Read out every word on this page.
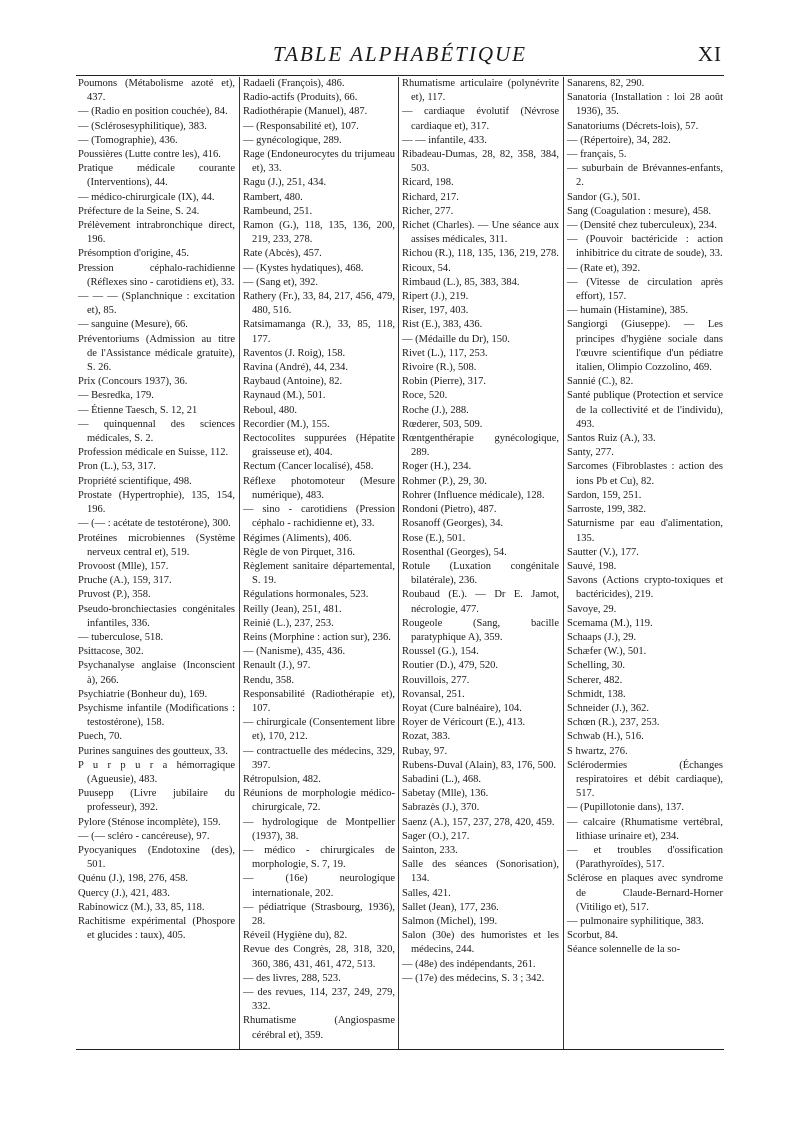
TABLE ALPHABÉTIQUE	XI

Poumons (Métabolisme azoté et), 437.

— (Radio en position couchée), 84.

— (Sclérosesyphilitique), 383.

— (Tomographie), 436.

Poussières (Lutte contre les), 416.

Pratique médicale courante (Interventions), 44.

— médico-chirurgicale (IX), 44.

Préfecture de la Seine, S. 24.

Prélèvement intrabronchique direct, 196.

Présomption d'origine, 45.

Pression céphalo-rachidienne (Réflexes sino - carotidiens et), 33.

— — — (Splanchnique : excitation et), 85.

— sanguine (Mesure), 66.

Préventoriums (Admission au titre de l'Assistance médicale gratuite), S. 26.

Prix (Concours 1937), 36.

— Besredka, 179.

— Étienne Taesch, S. 12, 21

— quinquennal des sciences médicales, S. 2.

Profession médicale en Suisse, 112.

Pron (L.), 53, 317.

Propriété scientifique, 498.

Prostate (Hypertrophie), 135, 154, 196.

— (— : acétate de testotérone), 300.

Protéines microbiennes (Système nerveux central et), 519.

Provoost (Mlle), 157.

Pruche (A.), 159, 317.

Pruvost (P.), 358.

Pseudo-bronchiectasies congénitales infantiles, 336.

— tuberculose, 518.

Psittacose, 302.

Psychanalyse anglaise (Inconscient à), 266.

Psychiatrie (Bonheur du), 169.

Psychisme infantile (Modifications : testostérone), 158.

Puech, 70.

Purines sanguines des goutteux, 33.

P u r p u r a hémorragique (Agueusie), 483.

Puusepp (Livre jubilaire du professeur), 392.

Pylore (Sténose incomplète), 159.

— (— scléro - cancéreuse), 97.

Pyocyaniques (Endotoxine (des), 501.

Quénu (J.), 198, 276, 458.

Quercy (J.), 421, 483.

Rabinowicz (M.), 33, 85, 118.

Rachitisme expérimental (Phospore et glucides : taux), 405.

Radaeli (François), 486.

Radio-actifs (Produits), 66.

Radiothérapie (Manuel), 487.

— (Responsabilité et), 107.

— gynécologique, 289.

Rage (Endoneurocytes du trijumeau et), 33.

Ragu (J.), 251, 434.

Rambert, 480.

Rambeund, 251.

Ramon (G.), 118, 135, 136, 200, 219, 233, 278.

Rate (Abcès), 457.

— (Kystes hydatiques), 468.

— (Sang et), 392.

Rathery (Fr.), 33, 84, 217, 456, 479, 480, 516.

Ratsimamanga (R.), 33, 85, 118, 177.

Raventos (J. Roig), 158.

Ravina (André), 44, 234.

Raybaud (Antoine), 82.

Raynaud (M.), 501.

Reboul, 480.

Recordier (M.), 155.

Rectocolites suppurées (Hépatite graisseuse et), 404.

Rectum (Cancer localisé), 458.

Réflexe photomoteur (Mesure numérique), 483.

— sino - carotidiens (Pression céphalo - rachidienne et), 33.

Régimes (Aliments), 406.

Règle de von Pirquet, 316.

Règlement sanitaire départemental, S. 19.

Régulations hormonales, 523.

Reilly (Jean), 251, 481.

Reinié (L.), 237, 253.

Reins (Morphine : action sur), 236.

— (Nanisme), 435, 436.

Renault (J.), 97.

Rendu, 358.

Responsabilité (Radiothérapie et), 107.

— chirurgicale (Consentement libre et), 170, 212.

— contractuelle des médecins, 329, 397.

Rétropulsion, 482.

Réunions de morphologie médico-chirurgicale, 72.

— hydrologique de Montpellier (1937), 38.

— médico - chirurgicales de morphologie, S. 7, 19.

— (16e) neurologique internationale, 202.

— pédiatrique (Strasbourg, 1936), 28.

Réveil (Hygiène du), 82.

Revue des Congrès, 28, 318, 320, 360, 386, 431, 461, 472, 513.

— des livres, 288, 523.

— des revues, 114, 237, 249, 279, 332.

Rhumatisme (Angiospasme cérébral et), 359.

Rhumatisme articulaire (polynévrite et), 117.

— cardiaque évolutif (Névrose cardiaque et), 317.

— — infantile, 433.

Ribadeau-Dumas, 28, 82, 358, 384, 503.

Ricard, 198.

Richard, 217.

Richer, 277.

Richet (Charles). — Une séance aux assises médicales, 311.

Richou (R.), 118, 135, 136, 219, 278.

Ricoux, 54.

Rimbaud (L.), 85, 383, 384.

Ripert (J.), 219.

Riser, 197, 403.

Rist (E.), 383, 436.

— (Médaille du Dr), 150.

Rivet (L.), 117, 253.

Rivoire (R.), 508.

Robin (Pierre), 317.

Roce, 520.

Roche (J.), 288.

Rœderer, 503, 509.

Rœntgenthérapie gynécologique, 289.

Roger (H.), 234.

Rohmer (P.), 29, 30.

Rohrer (Influence médicale), 128.

Rondoni (Pietro), 487.

Rosanoff (Georges), 34.

Rose (E.), 501.

Rosenthal (Georges), 54.

Rotule (Luxation congénitale bilatérale), 236.

Roubaud (E.). — Dr E. Jamot, nécrologie, 477.

Rougeole (Sang, bacille paratyphique A), 359.

Roussel (G.), 154.

Routier (D.), 479, 520.

Rouvillois, 277.

Rovansal, 251.

Royat (Cure balnéaire), 104.

Royer de Véricourt (E.), 413.

Rozat, 383.

Rubay, 97.

Rubens-Duval (Alain), 83, 176, 500.

Sabadini (L.), 468.

Sabetay (Mlle), 136.

Sabrazès (J.), 370.

Saenz (A.), 157, 237, 278, 420, 459.

Sager (O.), 217.

Sainton, 233.

Salle des séances (Sonorisation), 134.

Salles, 421.

Sallet (Jean), 177, 236.

Salmon (Michel), 199.

Salon (30e) des humoristes et les médecins, 244.

— (48e) des indépendants, 261.

— (17e) des médecins, S. 3 ; 342.

Sanarens, 82, 290.

Sanatoria (Installation : loi 28 août 1936), 35.

Sanatoriums (Décrets-lois), 57.

— (Répertoire), 34, 282.

— français, 5.

— suburbain de Brévannes-enfants, 2.

Sandor (G.), 501.

Sang (Coagulation : mesure), 458.

— (Densité chez tuberculeux), 234.

— (Pouvoir bactéricide : action inhibitrice du citrate de soude), 33.

— (Rate et), 392.

— (Vitesse de circulation après effort), 157.

— humain (Histamine), 385.

Sangiorgi (Giuseppe). — Les principes d'hygiène sociale dans l'œuvre scientifique d'un pédiatre italien, Olimpio Cozzolino, 469.

Sannié (C.), 82.

Santé publique (Protection et service de la collectivité et de l'individu), 493.

Santos Ruiz (A.), 33.

Santy, 277.

Sarcomes (Fibroblastes : action des ions Pb et Cu), 82.

Sardon, 159, 251.

Sarroste, 199, 382.

Saturnisme par eau d'alimentation, 135.

Sautter (V.), 177.

Sauvé, 198.

Savons (Actions crypto-toxiques et bactéricides), 219.

Savoye, 29.

Scemama (M.), 119.

Schaaps (J.), 29.

Schæfer (W.), 501.

Schelling, 30.

Scherer, 482.

Schmidt, 138.

Schneider (J.), 362.

Schœn (R.), 237, 253.

Schwab (H.), 516.

S hwartz, 276.

Sclérodermies (Échanges respiratoires et débit cardiaque), 517.

— (Pupillotonie dans), 137.

— calcaire (Rhumatisme vertébral, lithiase urinaire et), 234.

— et troubles d'ossification (Parathyroïdes), 517.

Sclérose en plaques avec syndrome de Claude-Bernard-Horner (Vitiligo et), 517.

— pulmonaire syphilitique, 383.

Scorbut, 84.

Séance solennelle de la so-
